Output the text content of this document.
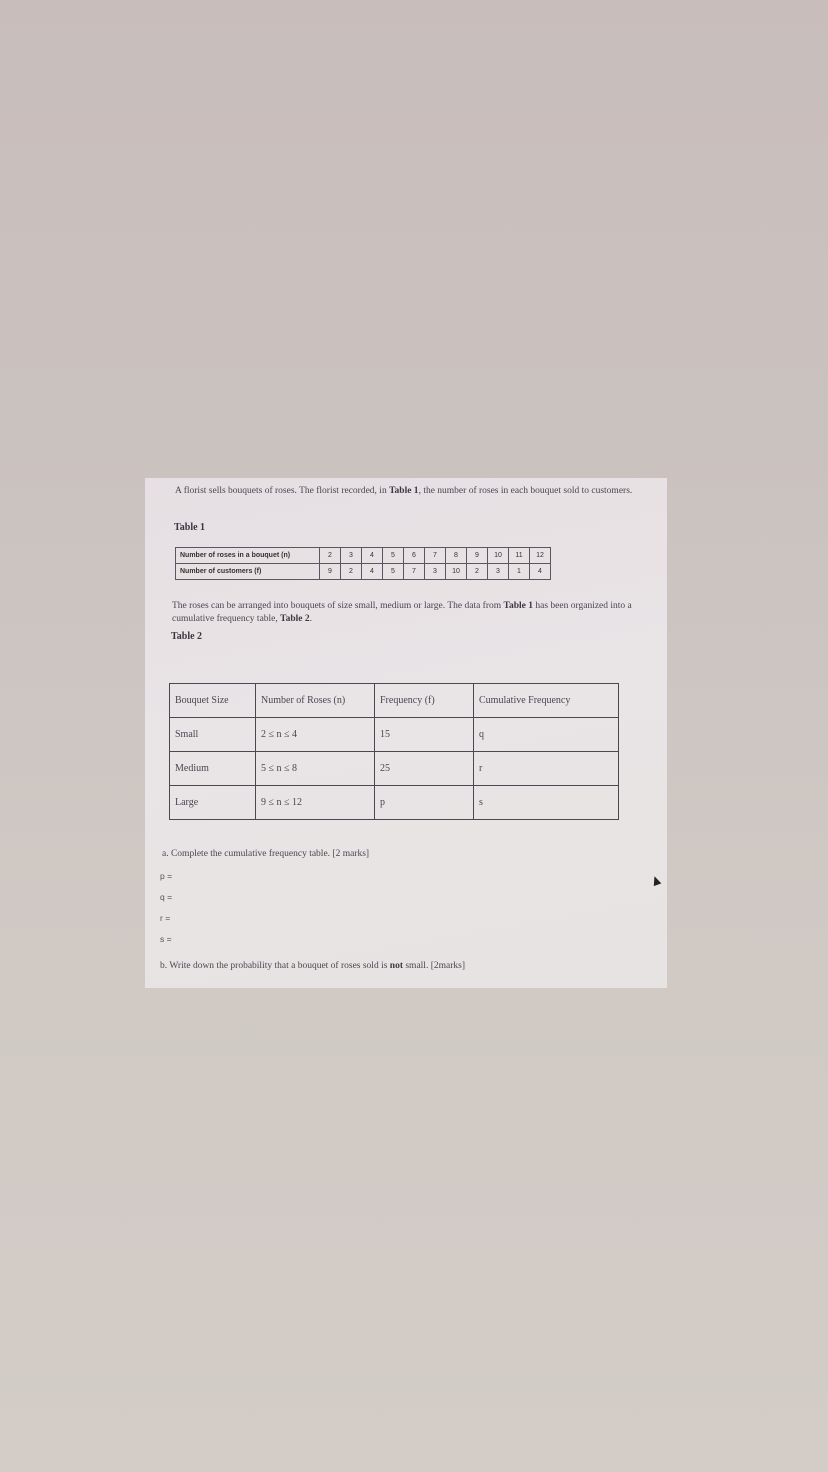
A florist sells bouquets of roses. The florist recorded, in Table 1, the number of roses in each bouquet sold to customers.
Table 1
Number of roses in a bouquet (n)	2	3	4	5	6	7	8	9	10	11	12
Number of customers (f)	9	2	4	5	7	3	10	2	3	1	4
The roses can be arranged into bouquets of size small, medium or large. The data from Table 1 has been organized into a cumulative frequency table, Table 2.
Table 2
Bouquet Size	Number of Roses (n)	Frequency (f)	Cumulative Frequency
Small	2 ≤ n ≤ 4	15	q
Medium	5 ≤ n ≤ 8	25	r
Large	9 ≤ n ≤ 12	p	s
a. Complete the cumulative frequency table. [2 marks]
p =
q =
r =
s =
b. Write down the probability that a bouquet of roses sold is not small. [2marks]
